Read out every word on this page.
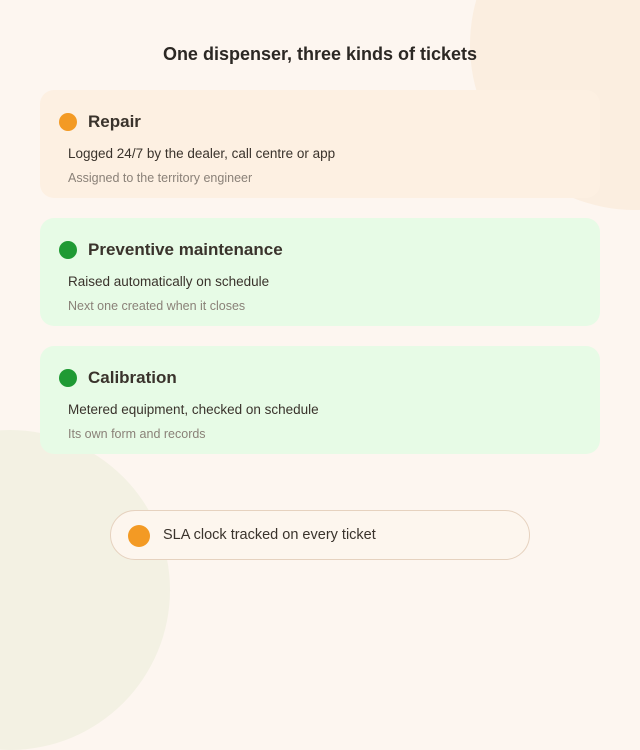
One dispenser, three kinds of tickets
Repair
Logged 24/7 by the dealer, call centre or app
Assigned to the territory engineer
Preventive maintenance
Raised automatically on schedule
Next one created when it closes
Calibration
Metered equipment, checked on schedule
Its own form and records
SLA clock tracked on every ticket
